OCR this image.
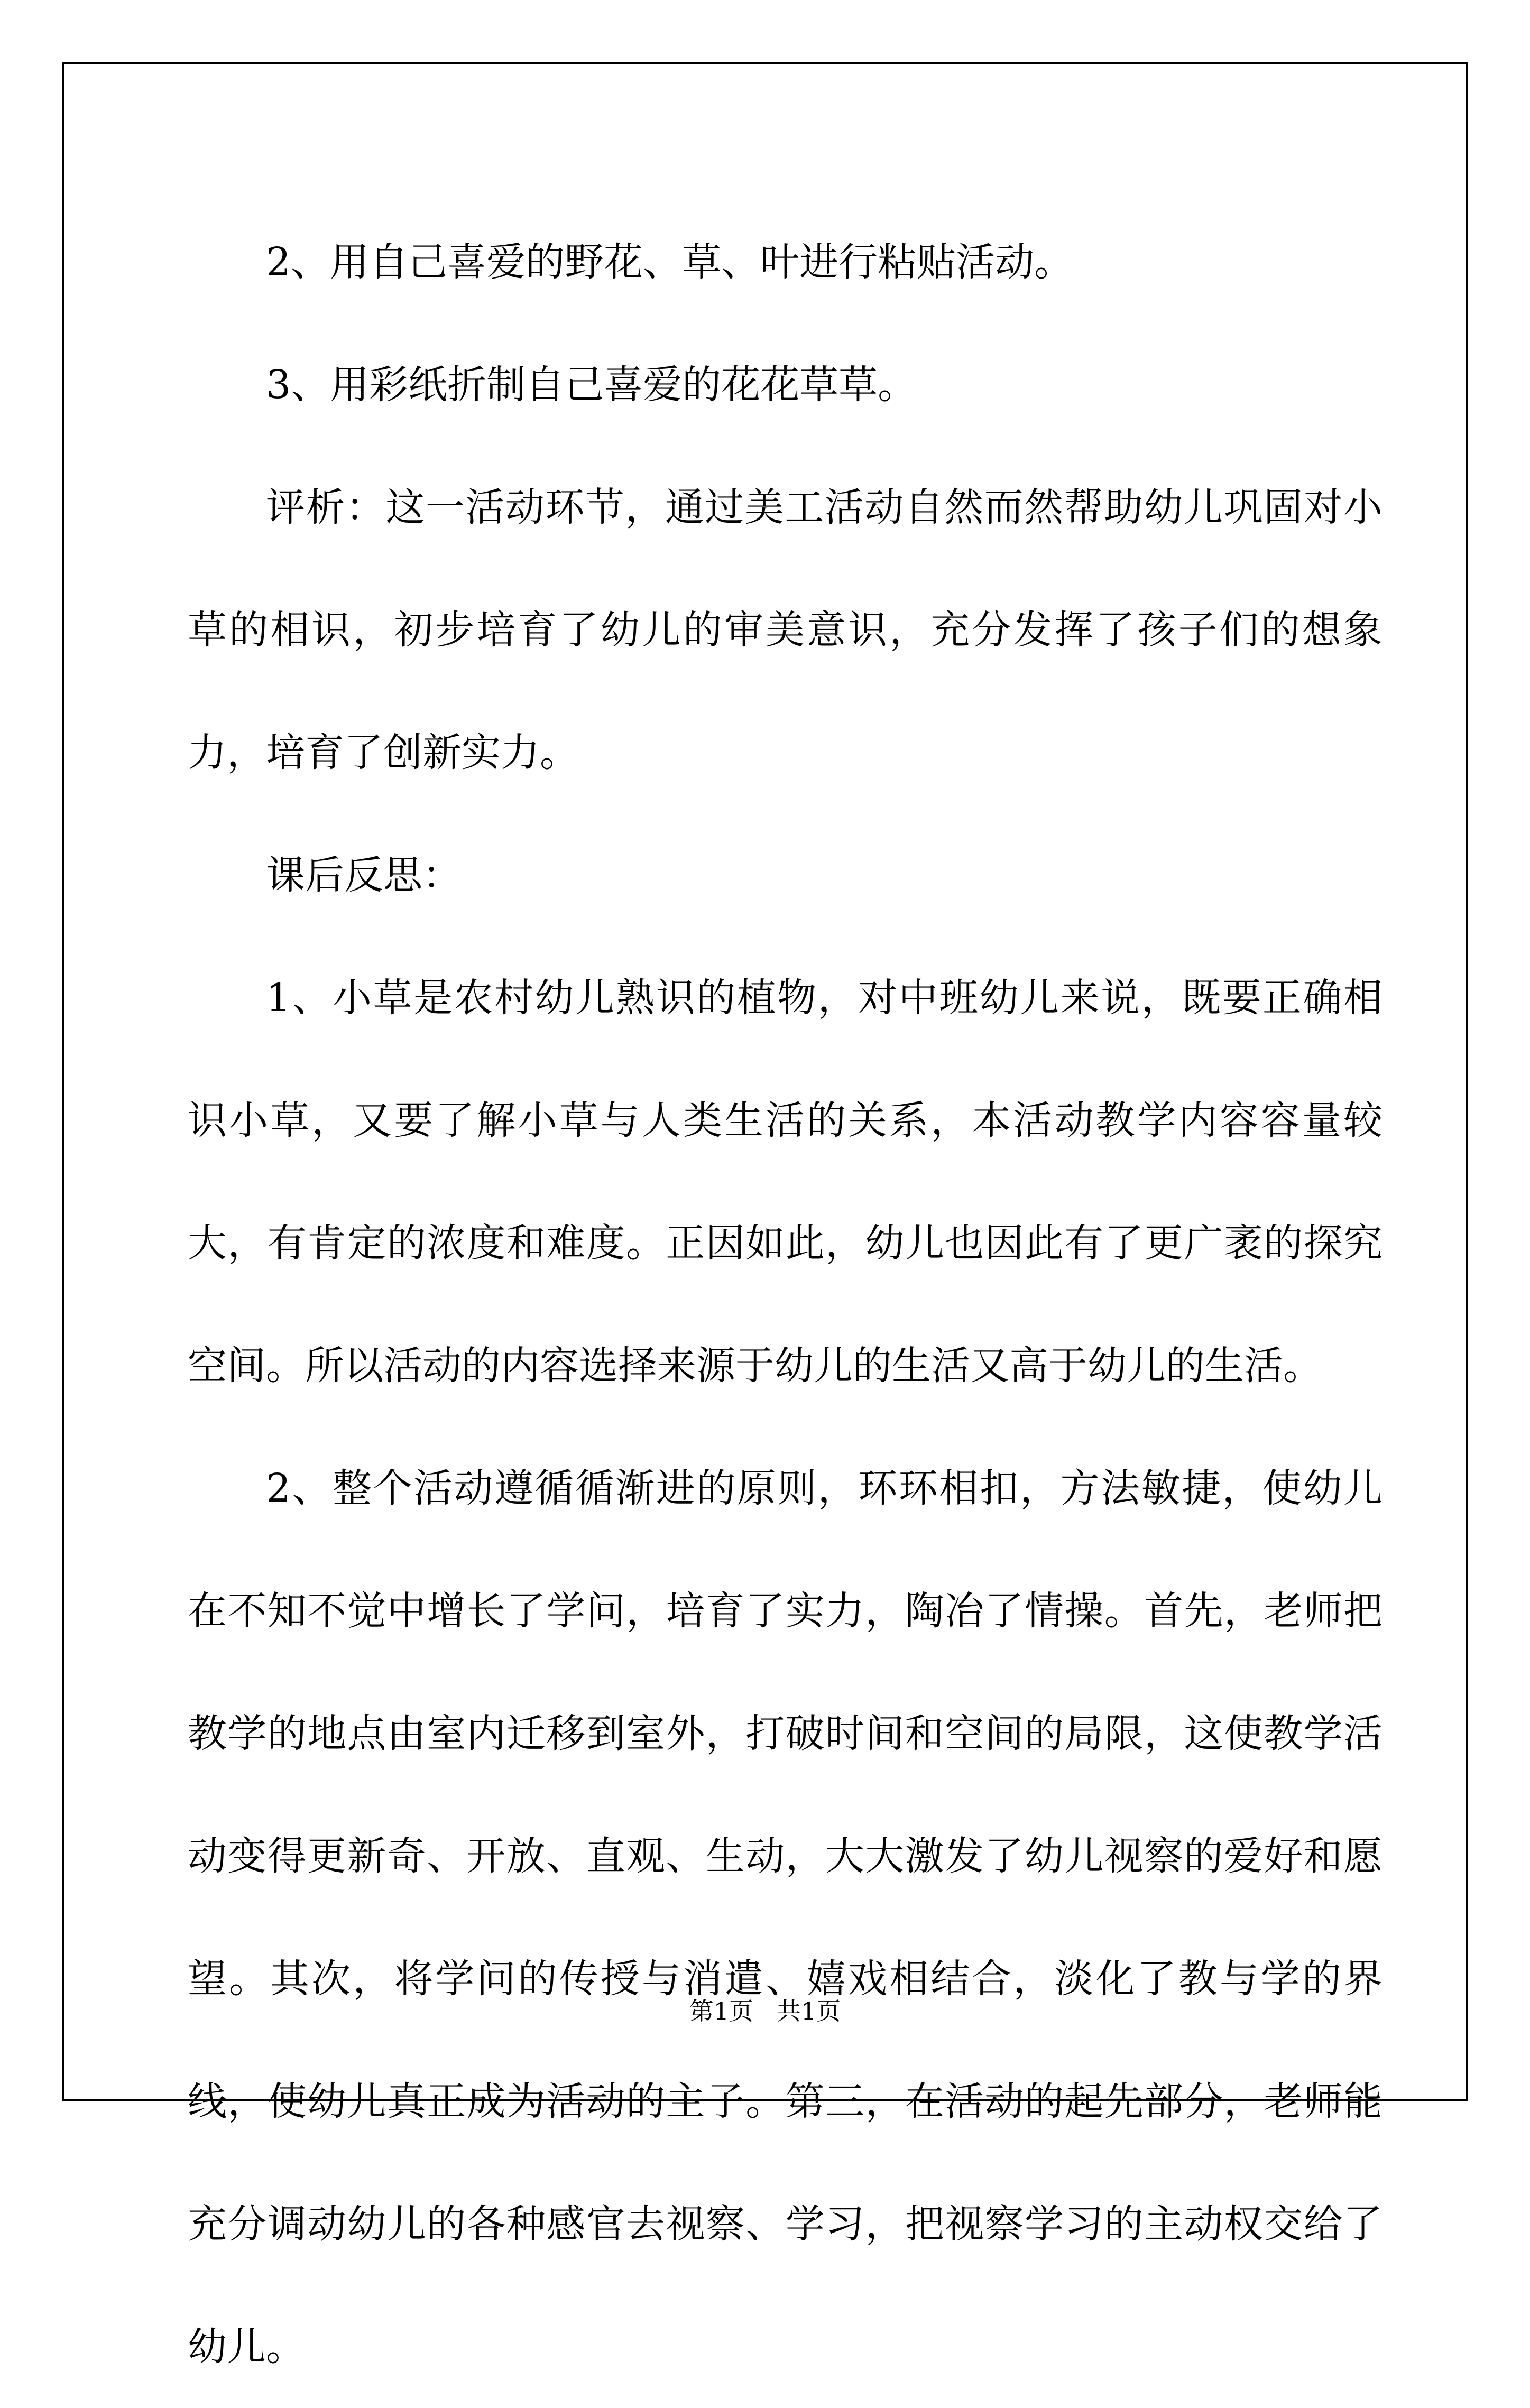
2、用自己喜爱的野花、草、叶进行粘贴活动。

3、用彩纸折制自己喜爱的花花草草。

评析：这一活动环节，通过美工活动自然而然帮助幼儿巩固对小草的相识，初步培育了幼儿的审美意识，充分发挥了孩子们的想象力，培育了创新实力。

课后反思：

1、小草是农村幼儿熟识的植物，对中班幼儿来说，既要正确相识小草，又要了解小草与人类生活的关系，本活动教学内容容量较大，有肯定的浓度和难度。正因如此，幼儿也因此有了更广袤的探究空间。所以活动的内容选择来源于幼儿的生活又高于幼儿的生活。

2、整个活动遵循循渐进的原则，环环相扣，方法敏捷，使幼儿在不知不觉中增长了学问，培育了实力，陶冶了情操。首先，老师把教学的地点由室内迁移到室外，打破时间和空间的局限，这使教学活动变得更新奇、开放、直观、生动，大大激发了幼儿视察的爱好和愿望。其次，将学问的传授与消遣、嬉戏相结合，淡化了教与学的界线，使幼儿真正成为活动的主子。第三，在活动的起先部分，老师能充分调动幼儿的各种感官去视察、学习，把视察学习的主动权交给了幼儿。

第1页 共1页
